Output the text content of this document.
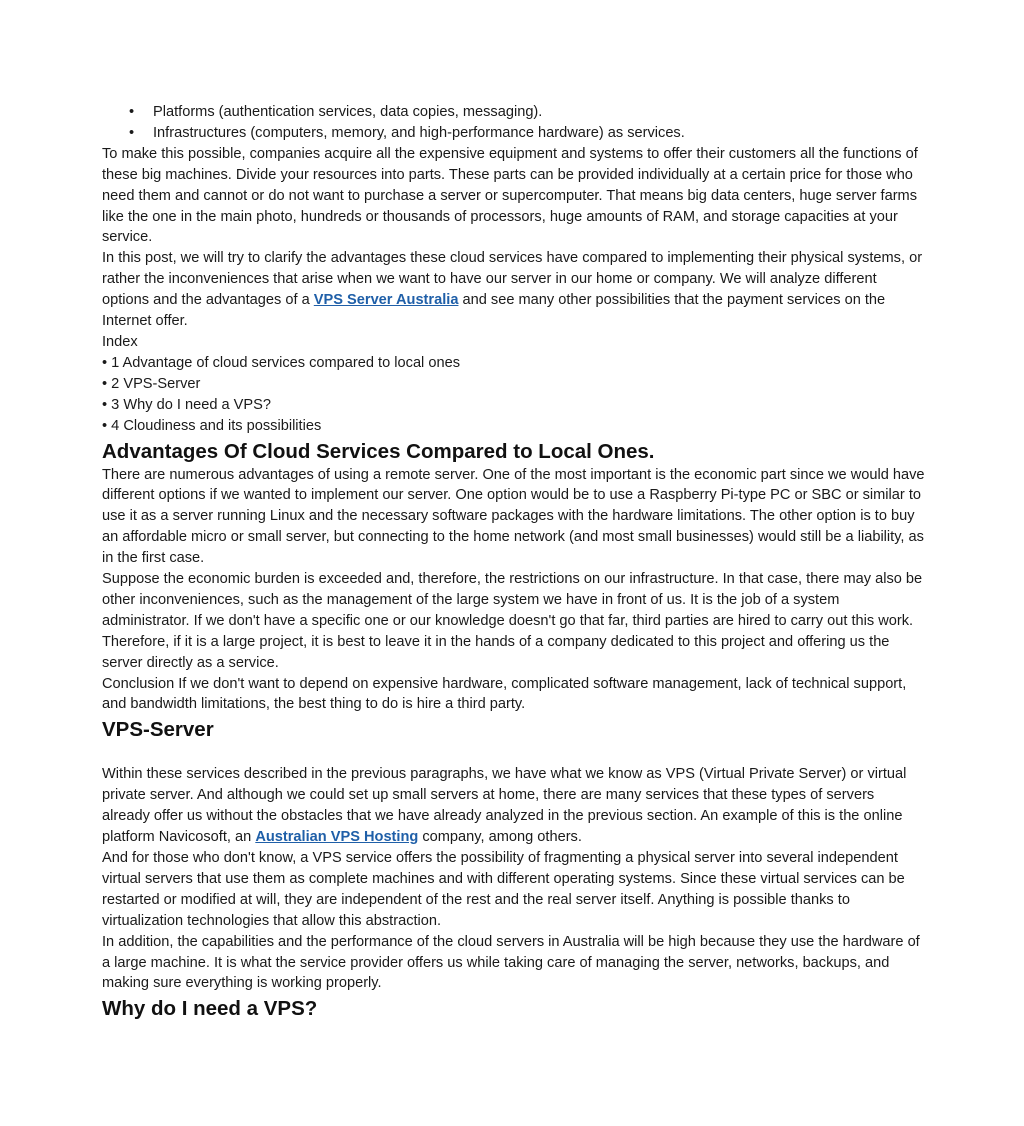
• Platforms (authentication services, data copies, messaging).
• Infrastructures (computers, memory, and high-performance hardware) as services.

To make this possible, companies acquire all the expensive equipment and systems to offer their customers all the functions of these big machines. Divide your resources into parts. These parts can be provided individually at a certain price for those who need them and cannot or do not want to purchase a server or supercomputer. That means big data centers, huge server farms like the one in the main photo, hundreds or thousands of processors, huge amounts of RAM, and storage capacities at your service.

In this post, we will try to clarify the advantages these cloud services have compared to implementing their physical systems, or rather the inconveniences that arise when we want to have our server in our home or company. We will analyze different options and the advantages of a VPS Server Australia and see many other possibilities that the payment services on the Internet offer.

Index

• 1 Advantage of cloud services compared to local ones

• 2 VPS-Server

• 3 Why do I need a VPS?

• 4 Cloudiness and its possibilities

Advantages Of Cloud Services Compared to Local Ones.

There are numerous advantages of using a remote server. One of the most important is the economic part since we would have different options if we wanted to implement our server. One option would be to use a Raspberry Pi-type PC or SBC or similar to use it as a server running Linux and the necessary software packages with the hardware limitations. The other option is to buy an affordable micro or small server, but connecting to the home network (and most small businesses) would still be a liability, as in the first case.

Suppose the economic burden is exceeded and, therefore, the restrictions on our infrastructure. In that case, there may also be other inconveniences, such as the management of the large system we have in front of us. It is the job of a system administrator. If we don't have a specific one or our knowledge doesn't go that far, third parties are hired to carry out this work. Therefore, if it is a large project, it is best to leave it in the hands of a company dedicated to this project and offering us the server directly as a service.

Conclusion If we don't want to depend on expensive hardware, complicated software management, lack of technical support, and bandwidth limitations, the best thing to do is hire a third party.

VPS-Server

Within these services described in the previous paragraphs, we have what we know as VPS (Virtual Private Server) or virtual private server. And although we could set up small servers at home, there are many services that these types of servers already offer us without the obstacles that we have already analyzed in the previous section. An example of this is the online platform Navicosoft, an Australian VPS Hosting company, among others.

And for those who don't know, a VPS service offers the possibility of fragmenting a physical server into several independent virtual servers that use them as complete machines and with different operating systems. Since these virtual services can be restarted or modified at will, they are independent of the rest and the real server itself. Anything is possible thanks to virtualization technologies that allow this abstraction.

In addition, the capabilities and the performance of the cloud servers in Australia will be high because they use the hardware of a large machine. It is what the service provider offers us while taking care of managing the server, networks, backups, and making sure everything is working properly.

Why do I need a VPS?
